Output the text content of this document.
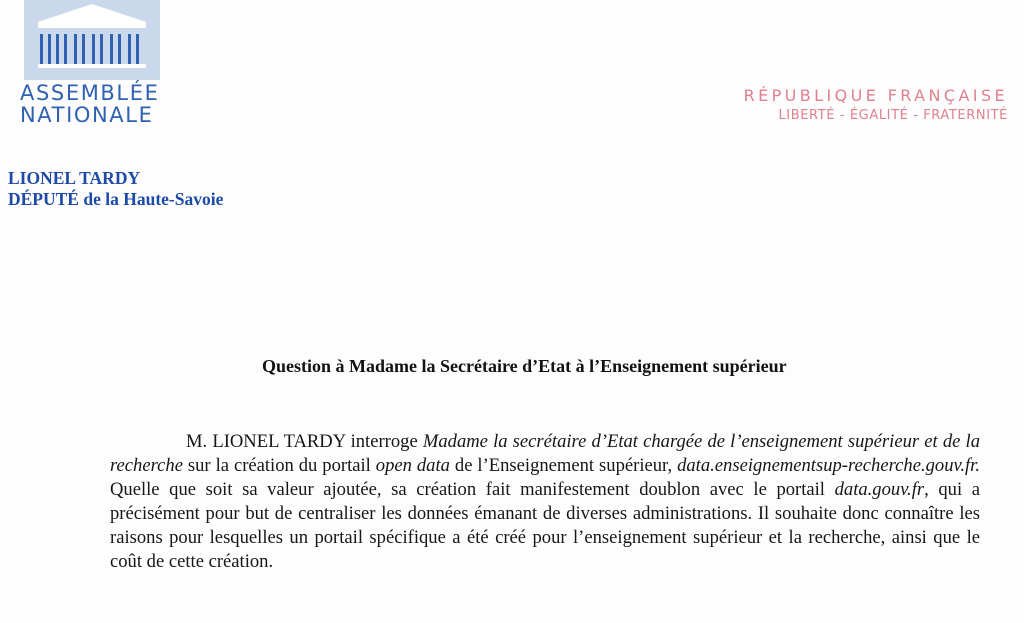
ASSEMBLÉE
NATIONALE

RÉPUBLIQUE FRANÇAISE
LIBERTÉ - ÉGALITÉ - FRATERNITÉ
LIONEL TARDY
DÉPUTÉ de la Haute-Savoie
Question à Madame la Secrétaire d’Etat à l’Enseignement supérieur

M. LIONEL TARDY interroge Madame la secrétaire d’Etat chargée de l’enseignement supérieur et de la recherche sur la création du portail open data de l’Enseignement supérieur, data.enseignementsup-recherche.gouv.fr. Quelle que soit sa valeur ajoutée, sa création fait manifestement doublon avec le portail data.gouv.fr, qui a précisément pour but de centraliser les données émanant de diverses administrations. Il souhaite donc connaître les raisons pour lesquelles un portail spécifique a été créé pour l’enseignement supérieur et la recherche, ainsi que le coût de cette création.
